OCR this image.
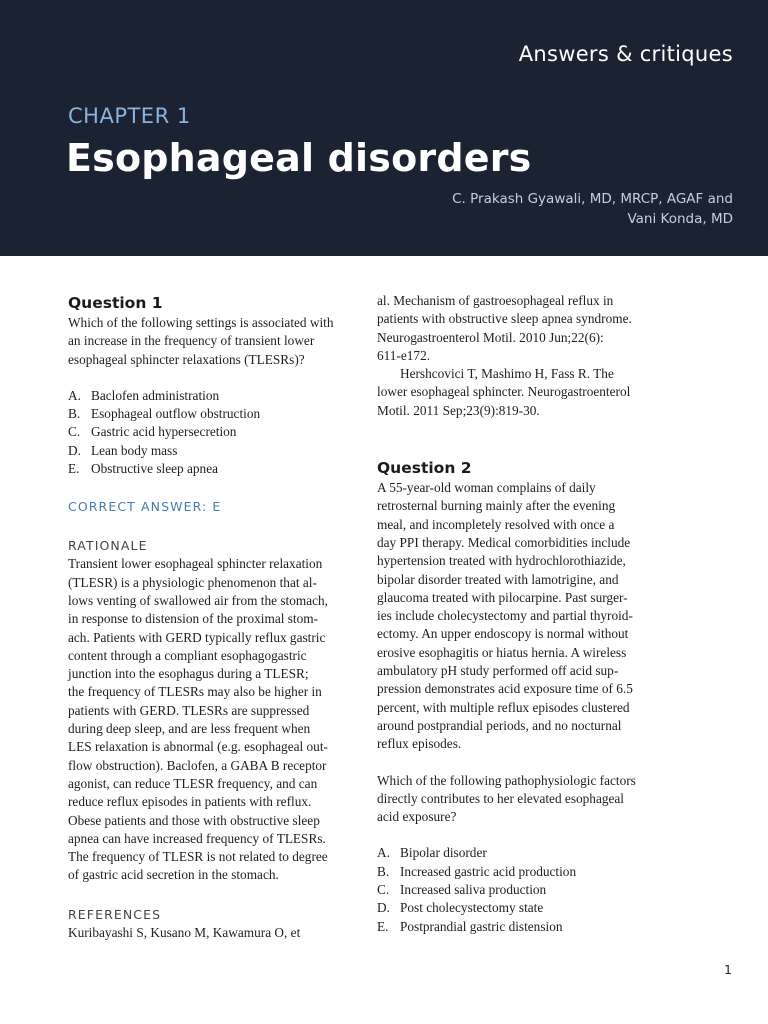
Answers & critiques
CHAPTER 1
Esophageal disorders
C. Prakash Gyawali, MD, MRCP, AGAF and
Vani Konda, MD
Question 1
Which of the following settings is associated with
an increase in the frequency of transient lower
esophageal sphincter relaxations (TLESRs)?
A. Baclofen administration
B. Esophageal outflow obstruction
C. Gastric acid hypersecretion
D. Lean body mass
E. Obstructive sleep apnea
CORRECT ANSWER: E
RATIONALE
Transient lower esophageal sphincter relaxation
(TLESR) is a physiologic phenomenon that al-
lows venting of swallowed air from the stomach,
in response to distension of the proximal stom-
ach. Patients with GERD typically reflux gastric
content through a compliant esophagogastric
junction into the esophagus during a TLESR;
the frequency of TLESRs may also be higher in
patients with GERD. TLESRs are suppressed
during deep sleep, and are less frequent when
LES relaxation is abnormal (e.g. esophageal out-
flow obstruction). Baclofen, a GABA B receptor
agonist, can reduce TLESR frequency, and can
reduce reflux episodes in patients with reflux.
Obese patients and those with obstructive sleep
apnea can have increased frequency of TLESRs.
The frequency of TLESR is not related to degree
of gastric acid secretion in the stomach.
REFERENCES
Kuribayashi S, Kusano M, Kawamura O, et
al. Mechanism of gastroesophageal reflux in
patients with obstructive sleep apnea syndrome.
Neurogastroenterol Motil. 2010 Jun;22(6):
611-e172.
Hershcovici T, Mashimo H, Fass R. The
lower esophageal sphincter. Neurogastroenterol
Motil. 2011 Sep;23(9):819-30.
Question 2
A 55-year-old woman complains of daily
retrosternal burning mainly after the evening
meal, and incompletely resolved with once a
day PPI therapy. Medical comorbidities include
hypertension treated with hydrochlorothiazide,
bipolar disorder treated with lamotrigine, and
glaucoma treated with pilocarpine. Past surger-
ies include cholecystectomy and partial thyroid-
ectomy. An upper endoscopy is normal without
erosive esophagitis or hiatus hernia. A wireless
ambulatory pH study performed off acid sup-
pression demonstrates acid exposure time of 6.5
percent, with multiple reflux episodes clustered
around postprandial periods, and no nocturnal
reflux episodes.
Which of the following pathophysiologic factors
directly contributes to her elevated esophageal
acid exposure?
A. Bipolar disorder
B. Increased gastric acid production
C. Increased saliva production
D. Post cholecystectomy state
E. Postprandial gastric distension
1
